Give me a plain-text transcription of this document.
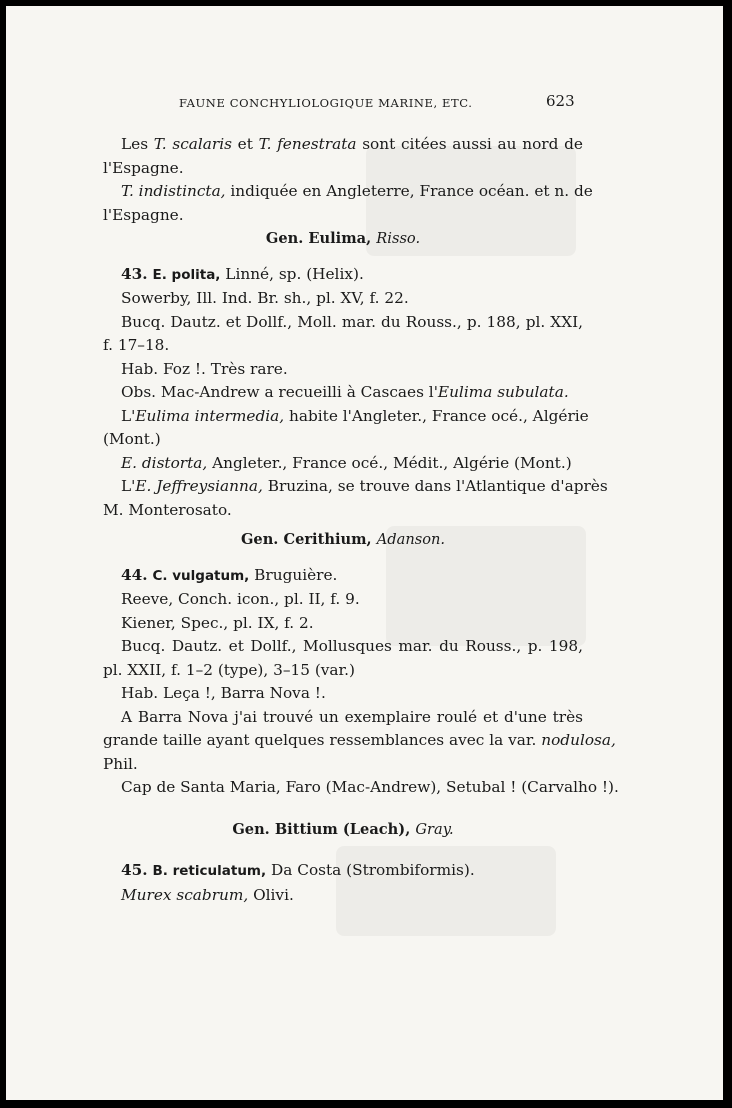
FAUNE CONCHYLIOLOGIQUE MARINE, ETC.	623
Les T. scalaris et T. fenestrata sont citées aussi au nord de
l'Espagne.
T. indistincta, indiquée en Angleterre, France océan. et n. de
l'Espagne.
Gen. Eulima, Risso.
43. E. polita, Linné, sp. (Helix).
Sowerby, Ill. Ind. Br. sh., pl. XV, f. 22.
Bucq. Dautz. et Dollf., Moll. mar. du Rouss., p. 188, pl. XXI,
f. 17–18.
Hab. Foz !. Très rare.
Obs. Mac-Andrew a recueilli à Cascaes l'Eulima subulata.
L'Eulima intermedia, habite l'Angleter., France océ., Algérie
(Mont.)
E. distorta, Angleter., France océ., Médit., Algérie (Mont.)
L'E. Jeffreysianna, Bruzina, se trouve dans l'Atlantique d'après
M. Monterosato.
Gen. Cerithium, Adanson.
44. C. vulgatum, Bruguière.
Reeve, Conch. icon., pl. II, f. 9.
Kiener, Spec., pl. IX, f. 2.
Bucq. Dautz. et Dollf., Mollusques mar. du Rouss., p. 198,
pl. XXII, f. 1–2 (type), 3–15 (var.)
Hab. Leça !, Barra Nova !.
A Barra Nova j'ai trouvé un exemplaire roulé et d'une très
grande taille ayant quelques ressemblances avec la var. nodulosa,
Phil.
Cap de Santa Maria, Faro (Mac-Andrew), Setubal ! (Carvalho !).
Gen. Bittium (Leach), Gray.
45. B. reticulatum, Da Costa (Strombiformis).
Murex scabrum, Olivi.
